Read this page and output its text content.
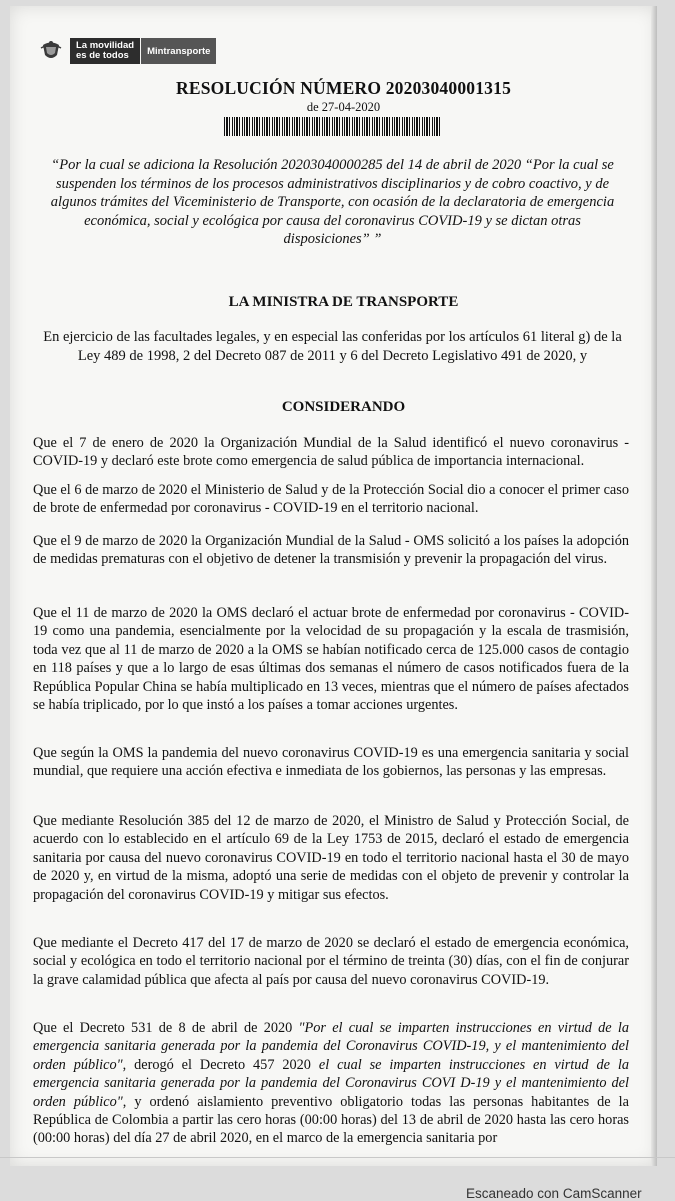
La movilidad
es de todos	Mintransporte
RESOLUCIÓN NÚMERO 20203040001315
de 27-04-2020

“Por la cual se adiciona la Resolución 20203040000285 del 14 de abril de 2020 “Por la cual se suspenden los términos de los procesos administrativos disciplinarios y de cobro coactivo, y de algunos trámites del Viceministerio de Transporte, con ocasión de la declaratoria de emergencia económica, social y ecológica por causa del coronavirus COVID-19 y se dictan otras disposiciones” ”

LA MINISTRA DE TRANSPORTE

En ejercicio de las facultades legales, y en especial las conferidas por los artículos 61 literal g) de la Ley 489 de 1998, 2 del Decreto 087 de 2011 y 6 del Decreto Legislativo 491 de 2020, y

CONSIDERANDO

Que el 7 de enero de 2020 la Organización Mundial de la Salud identificó el nuevo coronavirus - COVID-19 y declaró este brote como emergencia de salud pública de importancia internacional.

Que el 6 de marzo de 2020 el Ministerio de Salud y de la Protección Social dio a conocer el primer caso de brote de enfermedad por coronavirus - COVID-19 en el territorio nacional.

Que el 9 de marzo de 2020 la Organización Mundial de la Salud - OMS solicitó a los países la adopción de medidas prematuras con el objetivo de detener la transmisión y prevenir la propagación del virus.

Que el 11 de marzo de 2020 la OMS declaró el actuar brote de enfermedad por coronavirus - COVID-19 como una pandemia, esencialmente por la velocidad de su propagación y la escala de trasmisión, toda vez que al 11 de marzo de 2020 a la OMS se habían notificado cerca de 125.000 casos de contagio en 118 países y que a lo largo de esas últimas dos semanas el número de casos notificados fuera de la República Popular China se había multiplicado en 13 veces, mientras que el número de países afectados se había triplicado, por lo que instó a los países a tomar acciones urgentes.

Que según la OMS la pandemia del nuevo coronavirus COVID-19 es una emergencia sanitaria y social mundial, que requiere una acción efectiva e inmediata de los gobiernos, las personas y las empresas.

Que mediante Resolución 385 del 12 de marzo de 2020, el Ministro de Salud y Protección Social, de acuerdo con lo establecido en el artículo 69 de la Ley 1753 de 2015, declaró el estado de emergencia sanitaria por causa del nuevo coronavirus COVID-19 en todo el territorio nacional hasta el 30 de mayo de 2020 y, en virtud de la misma, adoptó una serie de medidas con el objeto de prevenir y controlar la propagación del coronavirus COVID-19 y mitigar sus efectos.

Que mediante el Decreto 417 del 17 de marzo de 2020 se declaró el estado de emergencia económica, social y ecológica en todo el territorio nacional por el término de treinta (30) días, con el fin de conjurar la grave calamidad pública que afecta al país por causa del nuevo coronavirus COVID-19.

Que el Decreto 531 de 8 de abril de 2020 "Por el cual se imparten instrucciones en virtud de la emergencia sanitaria generada por la pandemia del Coronavirus COVID-19, y el mantenimiento del orden público", derogó el Decreto 457 2020 el cual se imparten instrucciones en virtud de la emergencia sanitaria generada por la pandemia del Coronavirus COVI D-19 y el mantenimiento del orden público", y ordenó aislamiento preventivo obligatorio todas las personas habitantes de la República de Colombia a partir las cero horas (00:00 horas) del 13 de abril de 2020 hasta las cero horas (00:00 horas) del día 27 de abril 2020, en el marco de la emergencia sanitaria por

Escaneado con CamScanner
